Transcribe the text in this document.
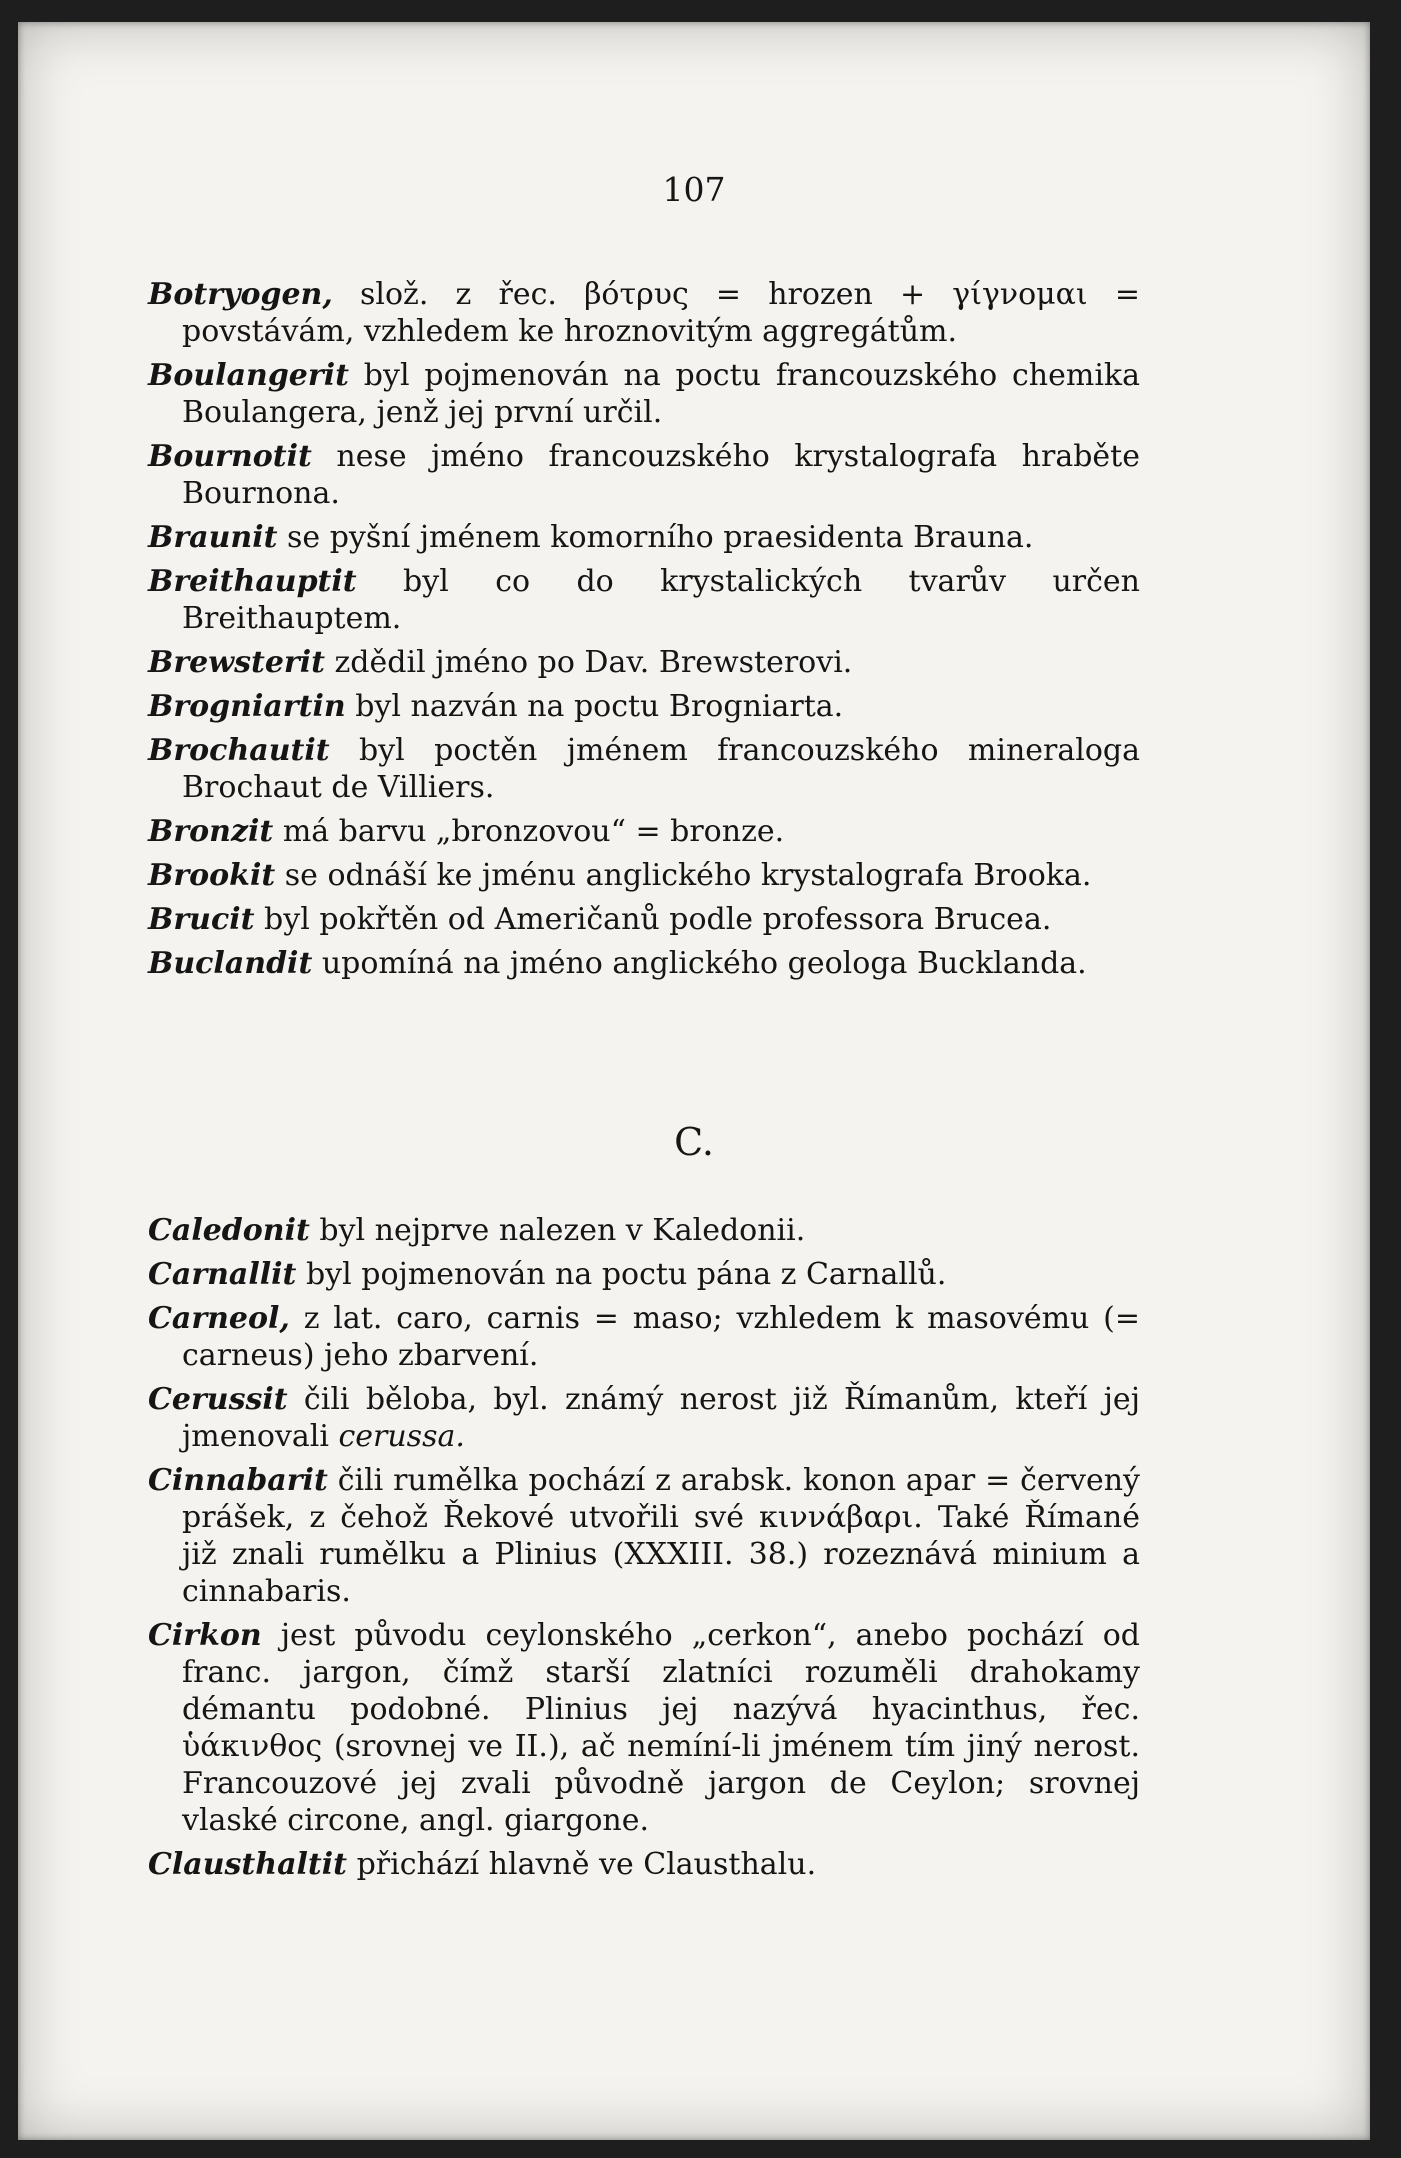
107

Botryogen, slož. z řec. βότρυς = hrozen + γίγνομαι = povstávám, vzhledem ke hroznovitým aggregátům.

Boulangerit byl pojmenován na poctu francouzského chemika Boulangera, jenž jej první určil.

Bournotit nese jméno francouzského krystalografa hraběte Bournona.

Braunit se pyšní jménem komorního praesidenta Brauna.

Breithauptit byl co do krystalických tvarův určen Breithauptem.

Brewsterit zdědil jméno po Dav. Brewsterovi.

Brogniartin byl nazván na poctu Brogniarta.

Brochautit byl poctěn jménem francouzského mineraloga Brochaut de Villiers.

Bronzit má barvu „bronzovou“ = bronze.

Brookit se odnáší ke jménu anglického krystalografa Brooka.

Brucit byl pokřtěn od Američanů podle professora Brucea.

Buclandit upomíná na jméno anglického geologa Bucklanda.

C.

Caledonit byl nejprve nalezen v Kaledonii.

Carnallit byl pojmenován na poctu pána z Carnallů.

Carneol, z lat. caro, carnis = maso; vzhledem k masovému (= carneus) jeho zbarvení.

Cerussit čili běloba, byl. známý nerost již Římanům, kteří jej jmenovali cerussa.

Cinnabarit čili rumělka pochází z arabsk. konon apar = červený prášek, z čehož Řekové utvořili své κιννάβαρι. Také Římané již znali rumělku a Plinius (XXXIII. 38.) rozeznává minium a cinnabaris.

Cirkon jest původu ceylonského „cerkon“, anebo pochází od franc. jargon, čímž starší zlatníci rozuměli drahokamy démantu podobné. Plinius jej nazývá hyacinthus, řec. ὑάκινθος (srovnej ve II.), ač nemíní-li jménem tím jiný nerost. Francouzové jej zvali původně jargon de Ceylon; srovnej vlaské circone, angl. giargone.

Clausthaltit přichází hlavně ve Clausthalu.
